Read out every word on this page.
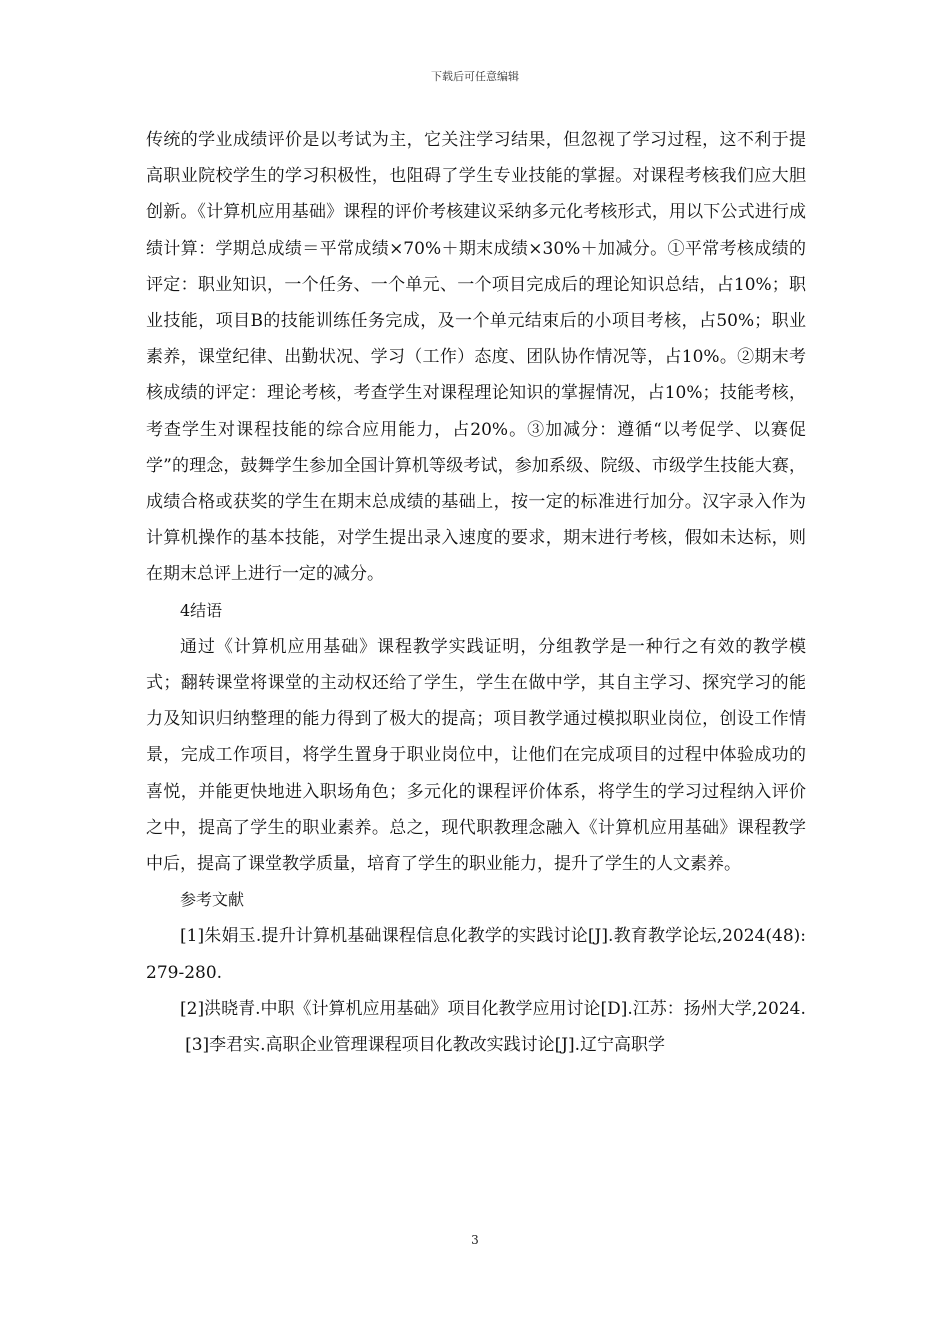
下载后可任意编辑

传统的学业成绩评价是以考试为主，它关注学习结果，但忽视了学习过程，这不利于提高职业院校学生的学习积极性，也阻碍了学生专业技能的掌握。对课程考核我们应大胆创新。《计算机应用基础》课程的评价考核建议采纳多元化考核形式，用以下公式进行成绩计算：学期总成绩＝平常成绩×70%＋期末成绩×30%＋加减分。①平常考核成绩的评定：职业知识，一个任务、一个单元、一个项目完成后的理论知识总结，占10%；职业技能，项目B的技能训练任务完成，及一个单元结束后的小项目考核，占50%；职业素养，课堂纪律、出勤状况、学习（工作）态度、团队协作情况等，占10%。②期末考核成绩的评定：理论考核，考查学生对课程理论知识的掌握情况，占10%；技能考核，考查学生对课程技能的综合应用能力，占20%。③加减分：遵循“以考促学、以赛促学”的理念，鼓舞学生参加全国计算机等级考试，参加系级、院级、市级学生技能大赛，成绩合格或获奖的学生在期末总成绩的基础上，按一定的标准进行加分。汉字录入作为计算机操作的基本技能，对学生提出录入速度的要求，期末进行考核，假如未达标，则在期末总评上进行一定的减分。

4结语

通过《计算机应用基础》课程教学实践证明，分组教学是一种行之有效的教学模式；翻转课堂将课堂的主动权还给了学生，学生在做中学，其自主学习、探究学习的能力及知识归纳整理的能力得到了极大的提高；项目教学通过模拟职业岗位，创设工作情景，完成工作项目，将学生置身于职业岗位中，让他们在完成项目的过程中体验成功的喜悦，并能更快地进入职场角色；多元化的课程评价体系，将学生的学习过程纳入评价之中，提高了学生的职业素养。总之，现代职教理念融入《计算机应用基础》课程教学中后，提高了课堂教学质量，培育了学生的职业能力，提升了学生的人文素养。

参考文献

[1]朱娟玉.提升计算机基础课程信息化教学的实践讨论[J].教育教学论坛,2024(48):279-280.

[2]洪晓青.中职《计算机应用基础》项目化教学应用讨论[D].江苏：扬州大学,2024.

[3]李君实.高职企业管理课程项目化教改实践讨论[J].辽宁高职学

3
